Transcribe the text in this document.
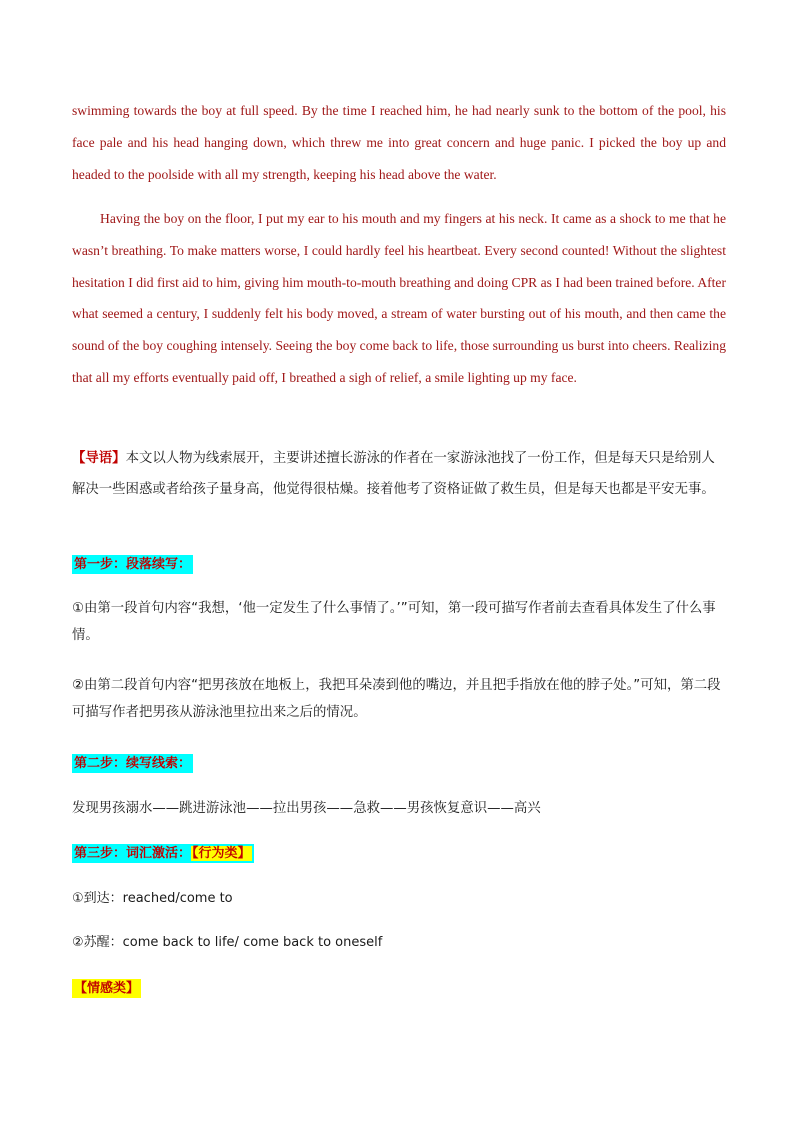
swimming towards the boy at full speed. By the time I reached him, he had nearly sunk to the bottom of the pool, his face pale and his head hanging down, which threw me into great concern and huge panic. I picked the boy up and headed to the poolside with all my strength, keeping his head above the water.

Having the boy on the floor, I put my ear to his mouth and my fingers at his neck. It came as a shock to me that he wasn’t breathing. To make matters worse, I could hardly feel his heartbeat. Every second counted! Without the slightest hesitation I did first aid to him, giving him mouth-to-mouth breathing and doing CPR as I had been trained before. After what seemed a century, I suddenly felt his body moved, a stream of water bursting out of his mouth, and then came the sound of the boy coughing intensely. Seeing the boy come back to life, those surrounding us burst into cheers. Realizing that all my efforts eventually paid off, I breathed a sigh of relief, a smile lighting up my face.

【导语】本文以人物为线索展开，主要讲述擅长游泳的作者在一家游泳池找了一份工作，但是每天只是给别人解决一些困惑或者给孩子量身高，他觉得很枯燥。接着他考了资格证做了救生员，但是每天也都是平安无事。

第一步：段落续写：

①由第一段首句内容“我想，‘他一定发生了什么事情了。’”可知，第一段可描写作者前去查看具体发生了什么事情。

②由第二段首句内容“把男孩放在地板上，我把耳朵凑到他的嘴边，并且把手指放在他的脖子处。”可知，第二段可描写作者把男孩从游泳池里拉出来之后的情况。

第二步：续写线索：

发现男孩溺水——跳进游泳池——拉出男孩——急救——男孩恢复意识——高兴

第三步：词汇激活：【行为类】

①到达：reached/come to

②苏醒：come back to life/ come back to oneself

【情感类】
